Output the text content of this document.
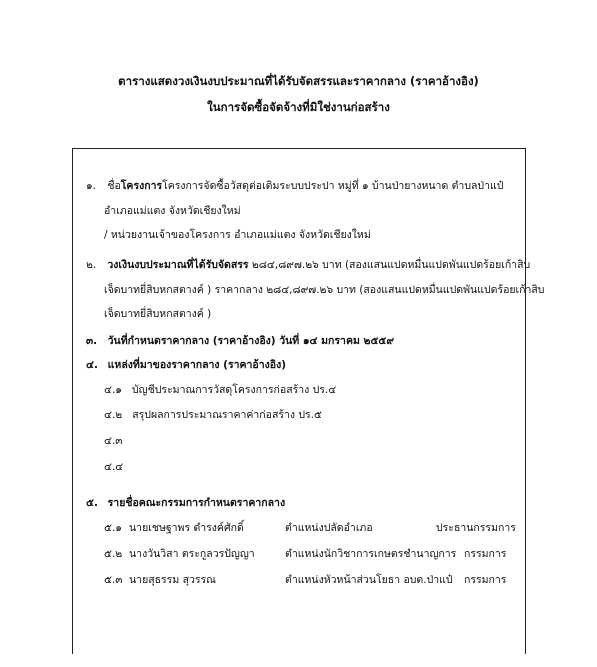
ตารางแสดงวงเงินงบประมาณที่ได้รับจัดสรรและราคากลาง (ราคาอ้างอิง)
ในการจัดซื้อจัดจ้างที่มิใช่งานก่อสร้าง
๑. ชื่อโครงการโครงการจัดซื้อวัสดุต่อเติมระบบประปา หมู่ที่ ๑ บ้านป่ายางหนาด ตำบลป่าแป๋
อำเภอแม่แตง จังหวัดเชียงใหม่
/ หน่วยงานเจ้าของโครงการ อำเภอแม่แตง จังหวัดเชียงใหม่
๒. วงเงินงบประมาณที่ได้รับจัดสรร ๒๘๔,๘๙๗.๒๖ บาท (สองแสนแปดหมื่นแปดพันแปดร้อยเก้าสิบ
เจ็ดบาทยี่สิบหกสตางค์ ) ราคากลาง ๒๘๔,๘๙๗.๒๖ บาท (สองแสนแปดหมื่นแปดพันแปดร้อยเก้าสิบ
เจ็ดบาทยี่สิบหกสตางค์ )
๓. วันที่กำหนดราคากลาง (ราคาอ้างอิง) วันที่ ๑๔ มกราคม ๒๕๕๙
๔. แหล่งที่มาของราคากลาง (ราคาอ้างอิง)
๔.๑ บัญชีประมาณการวัสดุโครงการก่อสร้าง ปร.๔
๔.๒ สรุปผลการประมาณราคาค่าก่อสร้าง ปร.๕
๔.๓
๔.๔
๕. รายชื่อคณะกรรมการกำหนดราคากลาง
๕.๑ นายเชษฐาพร ดำรงค์ศักดิ์	ตำแหน่งปลัดอำเภอ	ประธานกรรมการ
๕.๒ นางวันวิสา ตระกูลวรปัญญา	ตำแหน่งนักวิชาการเกษตรชำนาญการ กรรมการ
๕.๓ นายสุธรรม สุวรรณ	ตำแหน่งหัวหน้าส่วนโยธา อบต.ป่าแป๋ กรรมการ
